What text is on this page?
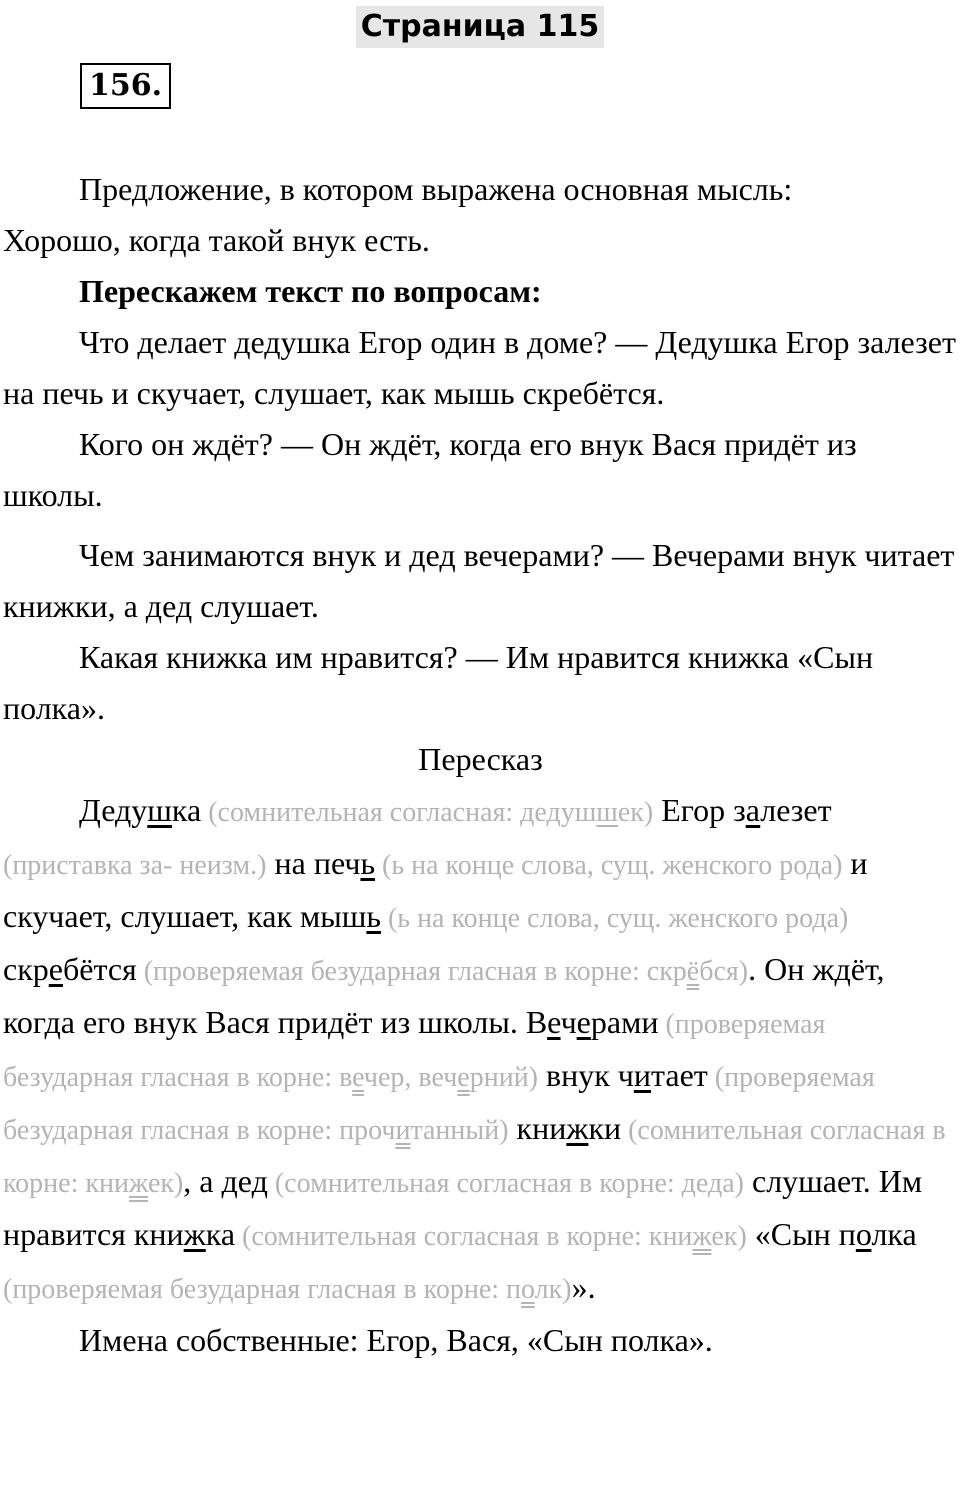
Страница 115
156.

Предложение, в котором выражена основная мысль:

Хорошо, когда такой внук есть.

Перескажем текст по вопросам:

Что делает дедушка Егор один в доме? — Дедушка Егор залезет на печь и скучает, слушает, как мышь скребётся.

Кого он ждёт? — Он ждёт, когда его внук Вася придёт из школы.

Чем занимаются внук и дед вечерами? — Вечерами внук читает книжки, а дед слушает.

Какая книжка им нравится? — Им нравится книжка «Сын полка».

Пересказ

Дедушка (сомнительная согласная: дедушшек) Егор залезет (приставка за- неизм.) на печь (ь на конце слова, сущ. женского рода) и скучает, слушает, как мышь (ь на конце слова, сущ. женского рода) скребётся (проверяемая безударная гласная в корне: скрёбся). Он ждёт, когда его внук Вася придёт из школы. Вечерами (проверяемая безударная гласная в корне: вечер, вечерний) внук читает (проверяемая безударная гласная в корне: прочитанный) книжки (сомнительная согласная в корне: книжек), а дед (сомнительная согласная в корне: деда) слушает. Им нравится книжка (сомнительная согласная в корне: книжек) «Сын полка (проверяемая безударная гласная в корне: полк)».

Имена собственные: Егор, Вася, «Сын полка».
